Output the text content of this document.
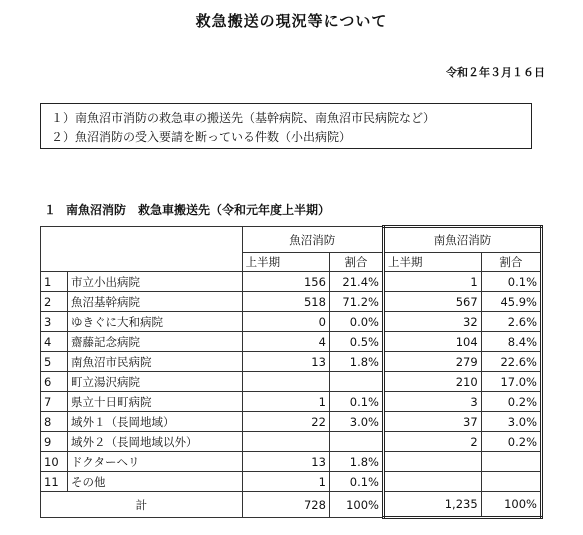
救急搬送の現況等について
令和２年３月１６日
１）南魚沼市消防の救急車の搬送先（基幹病院、南魚沼市民病院など）
２）魚沼消防の受入要請を断っている件数（小出病院）
１ 南魚沼消防　救急車搬送先（令和元年度上半期）
		魚沼消防		南魚沼消防	
		上半期	割合	上半期	割合
1	市立小出病院	156	21.4%	1	0.1%
2	魚沼基幹病院	518	71.2%	567	45.9%
3	ゆきぐに大和病院	0	0.0%	32	2.6%
4	齋藤記念病院	4	0.5%	104	8.4%
5	南魚沼市民病院	13	1.8%	279	22.6%
6	町立湯沢病院			210	17.0%
7	県立十日町病院	1	0.1%	3	0.2%
8	域外１（長岡地域）	22	3.0%	37	3.0%
9	域外２（長岡地域以外）			2	0.2%
10	ドクターヘリ	13	1.8%		
11	その他	1	0.1%		
計		728	100%	1,235	100%
